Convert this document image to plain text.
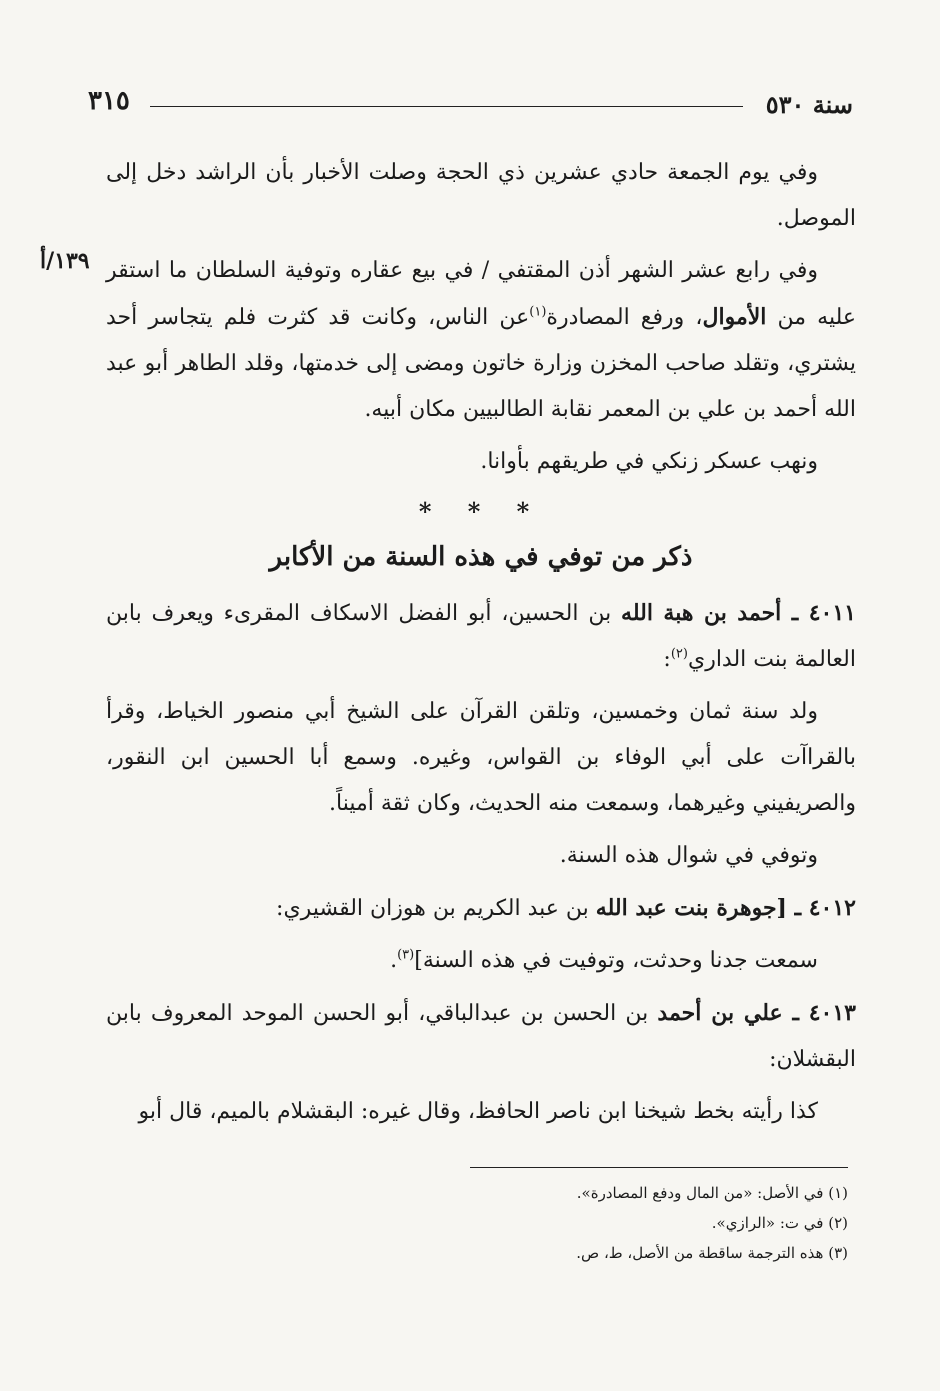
سنة ٥٣٠
٣١٥
١٣٩/أ

وفي يوم الجمعة حادي عشرين ذي الحجة وصلت الأخبار بأن الراشد دخل إلى الموصل.

وفي رابع عشر الشهر أذن المقتفي / في بيع عقاره وتوفية السلطان ما استقر عليه من الأموال، ورفع المصادرة$^{(١)}$عن الناس، وكانت قد كثرت فلم يتجاسر أحد يشتري، وتقلد صاحب المخزن وزارة خاتون ومضى إلى خدمتها، وقلد الطاهر أبو عبد الله أحمد بن علي بن المعمر نقابة الطالبيين مكان أبيه.

ونهب عسكر زنكي في طريقهم بأوانا.

* * *
ذكر من توفي في هذه السنة من الأكابر

٤٠١١ ـ أحمد بن هبة الله بن الحسين، أبو الفضل الاسكاف المقرىء ويعرف بابن العالمة بنت الداري$^{(٢)}$:

ولد سنة ثمان وخمسين، وتلقن القرآن على الشيخ أبي منصور الخياط، وقرأ بالقراآت على أبي الوفاء بن القواس، وغيره. وسمع أبا الحسين ابن النقور، والصريفيني وغيرهما، وسمعت منه الحديث، وكان ثقة أميناً.

وتوفي في شوال هذه السنة.

٤٠١٢ ـ [جوهرة بنت عبد الله بن عبد الكريم بن هوزان القشيري:

سمعت جدنا وحدثت، وتوفيت في هذه السنة]$^{(٣)}$.

٤٠١٣ ـ علي بن أحمد بن الحسن بن عبدالباقي، أبو الحسن الموحد المعروف بابن البقشلان:

كذا رأيته بخط شيخنا ابن ناصر الحافظ، وقال غيره: البقشلام بالميم، قال أبو

(١) في الأصل: «من المال ودفع المصادرة».

(٢) في ت: «الرازي».

(٣) هذه الترجمة ساقطة من الأصل، ط، ص.
